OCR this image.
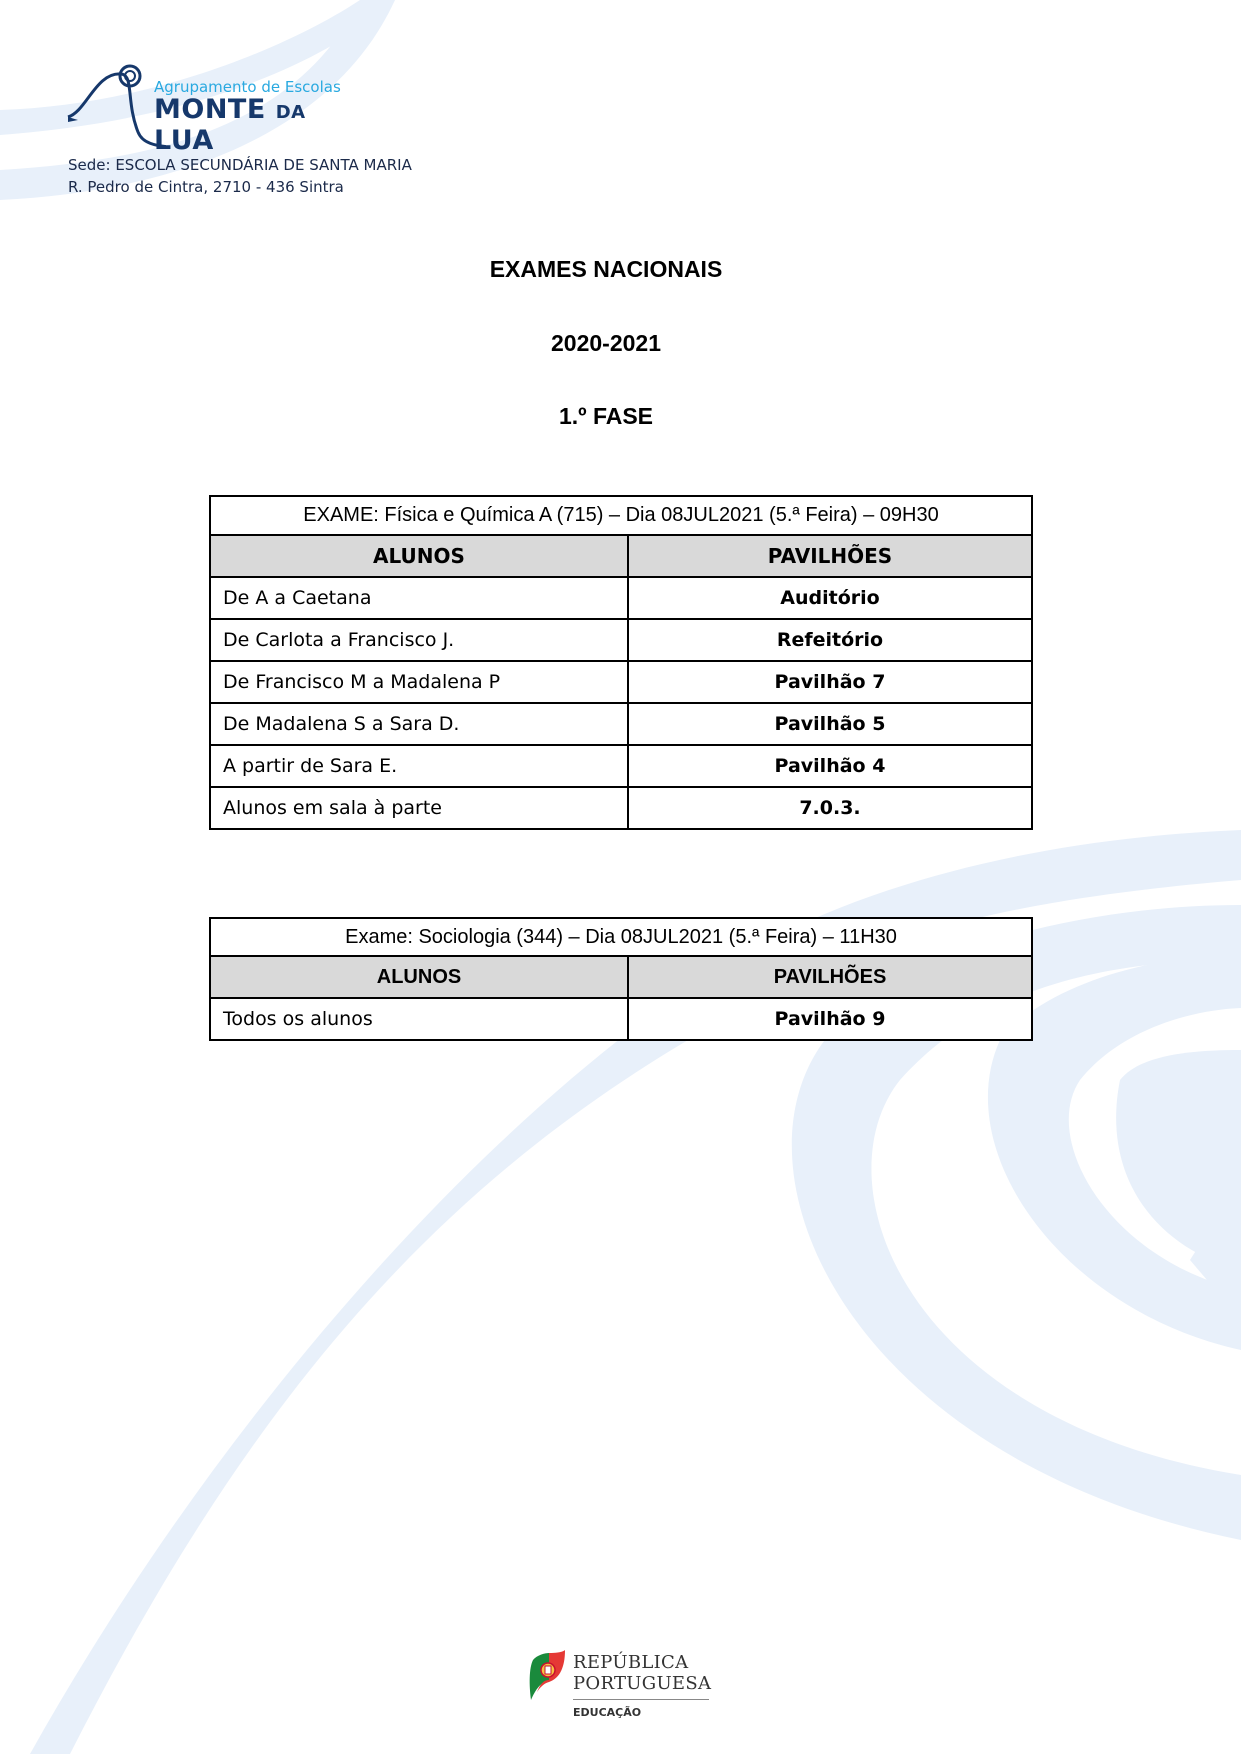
Agrupamento de Escolas
MONTE DA LUA
Sede: ESCOLA SECUNDÁRIA DE SANTA MARIA
R. Pedro de Cintra, 2710 - 436 Sintra
EXAMES NACIONAIS
2020-2021
1.º FASE
EXAME: Física e Química A (715) – Dia 08JUL2021 (5.ª Feira) – 09H30	
ALUNOS	PAVILHÕES
De A a Caetana	Auditório
De Carlota a Francisco J.	Refeitório
De Francisco M a Madalena P	Pavilhão 7
De Madalena S a Sara D.	Pavilhão 5
A partir de Sara E.	Pavilhão 4
Alunos em sala à parte	7.0.3.
Exame: Sociologia (344) – Dia 08JUL2021 (5.ª Feira) – 11H30	
ALUNOS	PAVILHÕES
Todos os alunos	Pavilhão 9
REPÚBLICA
PORTUGUESA
EDUCAÇÃO
